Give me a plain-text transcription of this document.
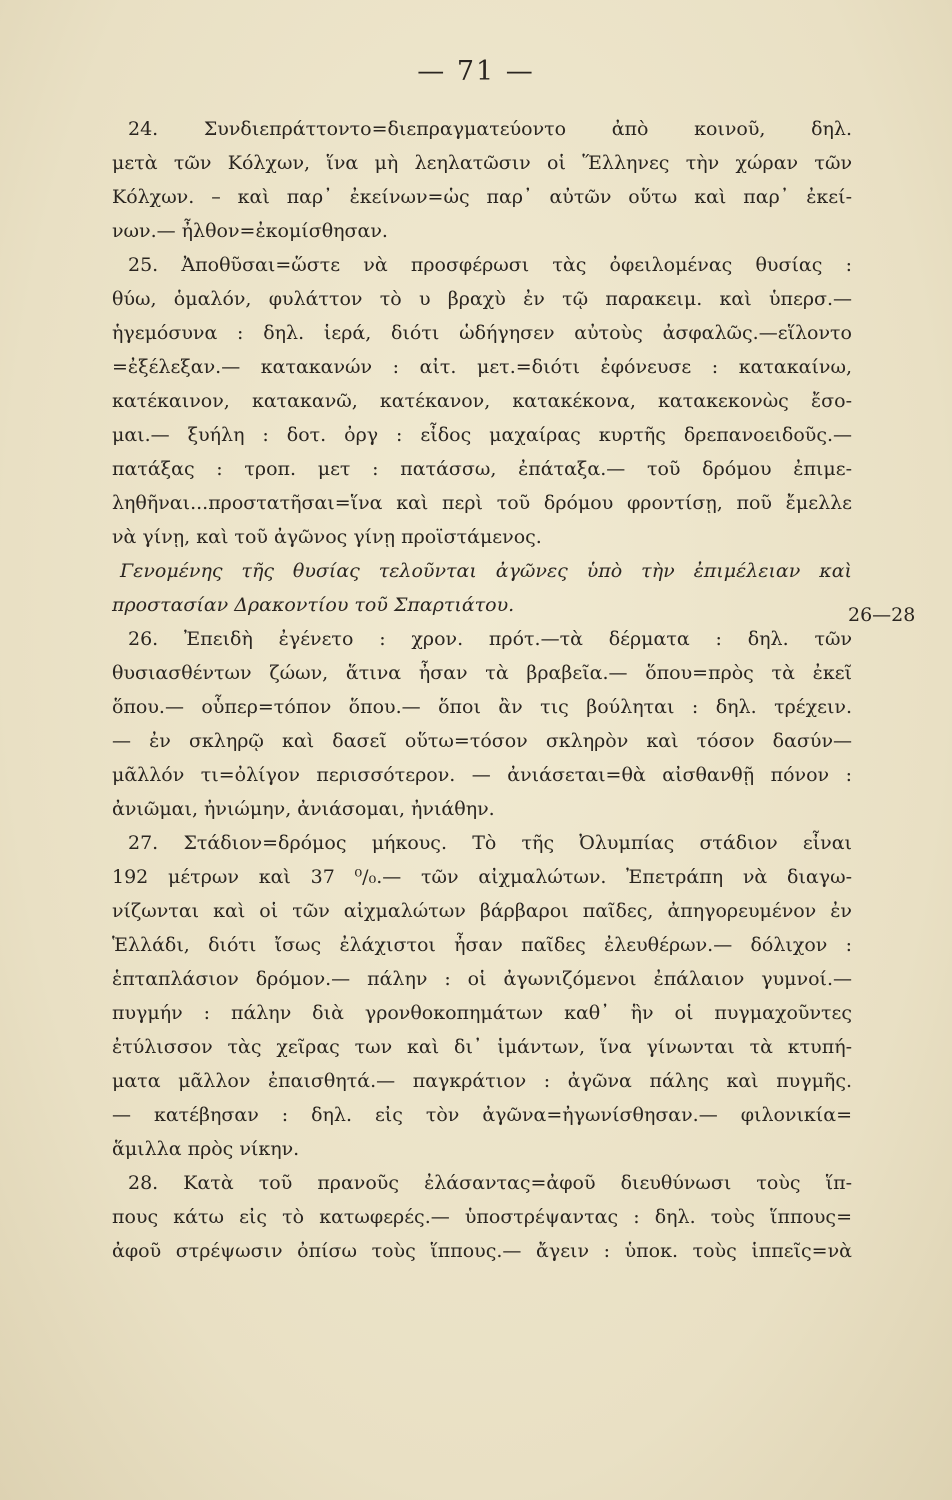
— 71 —
24. Συνδιεπράττοντο=διεπραγματεύοντο ἀπὸ κοινοῦ, δηλ.
μετὰ τῶν Κόλχων, ἵνα μὴ λεηλατῶσιν οἱ Ἕλληνες τὴν χώραν τῶν
Κόλχων. – καὶ παρ᾽ ἐκείνων=ὡς παρ᾽ αὐτῶν οὕτω καὶ παρ᾽ ἐκεί-
νων.— ἦλθον=ἐκομίσθησαν.
25. Ἀποθῦσαι=ὥστε νὰ προσφέρωσι τὰς ὀφειλομένας θυσίας :
θύω, ὁμαλόν, φυλάττον τὸ υ βραχὺ ἐν τῷ παρακειμ. καὶ ὑπερσ.—
ἡγεμόσυνα : δηλ. ἱερά, διότι ὡδήγησεν αὐτοὺς ἀσφαλῶς.—εἵλοντο
=ἐξέλεξαν.— κατακανών : αἰτ. μετ.=διότι ἐφόνευσε : κατακαίνω,
κατέκαινον, κατακανῶ, κατέκανον, κατακέκονα, κατακεκονὼς ἔσο-
μαι.— ξυήλη : δοτ. ὀργ : εἶδος μαχαίρας κυρτῆς δρεπανοειδοῦς.—
πατάξας : τροπ. μετ : πατάσσω, ἐπάταξα.— τοῦ δρόμου ἐπιμε-
ληθῆναι...προστατῆσαι=ἵνα καὶ περὶ τοῦ δρόμου φροντίσῃ, ποῦ ἔμελλε
νὰ γίνῃ, καὶ τοῦ ἀγῶνος γίνῃ προϊστάμενος.
Γενομένης τῆς θυσίας τελοῦνται ἀγῶνες ὑπὸ τὴν ἐπιμέλειαν καὶ
προστασίαν Δρακοντίου τοῦ Σπαρτιάτου.
26. Ἐπειδὴ ἐγένετο : χρον. πρότ.—τὰ δέρματα : δηλ. τῶν
θυσιασθέντων ζώων, ἅτινα ἦσαν τὰ βραβεῖα.— ὅπου=πρὸς τὰ ἐκεῖ
ὅπου.— οὗπερ=τόπον ὅπου.— ὅποι ἂν τις βούληται : δηλ. τρέχειν.
— ἐν σκληρῷ καὶ δασεῖ οὕτω=τόσον σκληρὸν καὶ τόσον δασύν—
μᾶλλόν τι=ὀλίγον περισσότερον. — ἀνιάσεται=θὰ αἰσθανθῇ πόνον :
ἀνιῶμαι, ἠνιώμην, ἀνιάσομαι, ἠνιάθην.
27. Στάδιον=δρόμος μήκους. Τὸ τῆς Ὀλυμπίας στάδιον εἶναι
192 μέτρων καὶ 37 ⁰/₀.— τῶν αἰχμαλώτων. Ἐπετράπη νὰ διαγω-
νίζωνται καὶ οἱ τῶν αἰχμαλώτων βάρβαροι παῖδες, ἀπηγορευμένον ἐν
Ἑλλάδι, διότι ἴσως ἐλάχιστοι ἦσαν παῖδες ἐλευθέρων.— δόλιχον :
ἑπταπλάσιον δρόμον.— πάλην : οἱ ἀγωνιζόμενοι ἐπάλαιον γυμνοί.—
πυγμήν : πάλην διὰ γρονθοκοπημάτων καθ᾽ ἣν οἱ πυγμαχοῦντες
ἐτύλισσον τὰς χεῖρας των καὶ δι᾽ ἱμάντων, ἵνα γίνωνται τὰ κτυπή-
ματα μᾶλλον ἐπαισθητά.— παγκράτιον : ἀγῶνα πάλης καὶ πυγμῆς.
— κατέβησαν : δηλ. εἰς τὸν ἀγῶνα=ἠγωνίσθησαν.— φιλονικία=
ἅμιλλα πρὸς νίκην.
28. Κατὰ τοῦ πρανοῦς ἐλάσαντας=ἀφοῦ διευθύνωσι τοὺς ἵπ-
πους κάτω εἰς τὸ κατωφερές.— ὑποστρέψαντας : δηλ. τοὺς ἵππους=
ἀφοῦ στρέψωσιν ὀπίσω τοὺς ἵππους.— ἄγειν : ὑποκ. τοὺς ἱππεῖς=νὰ
26—28
